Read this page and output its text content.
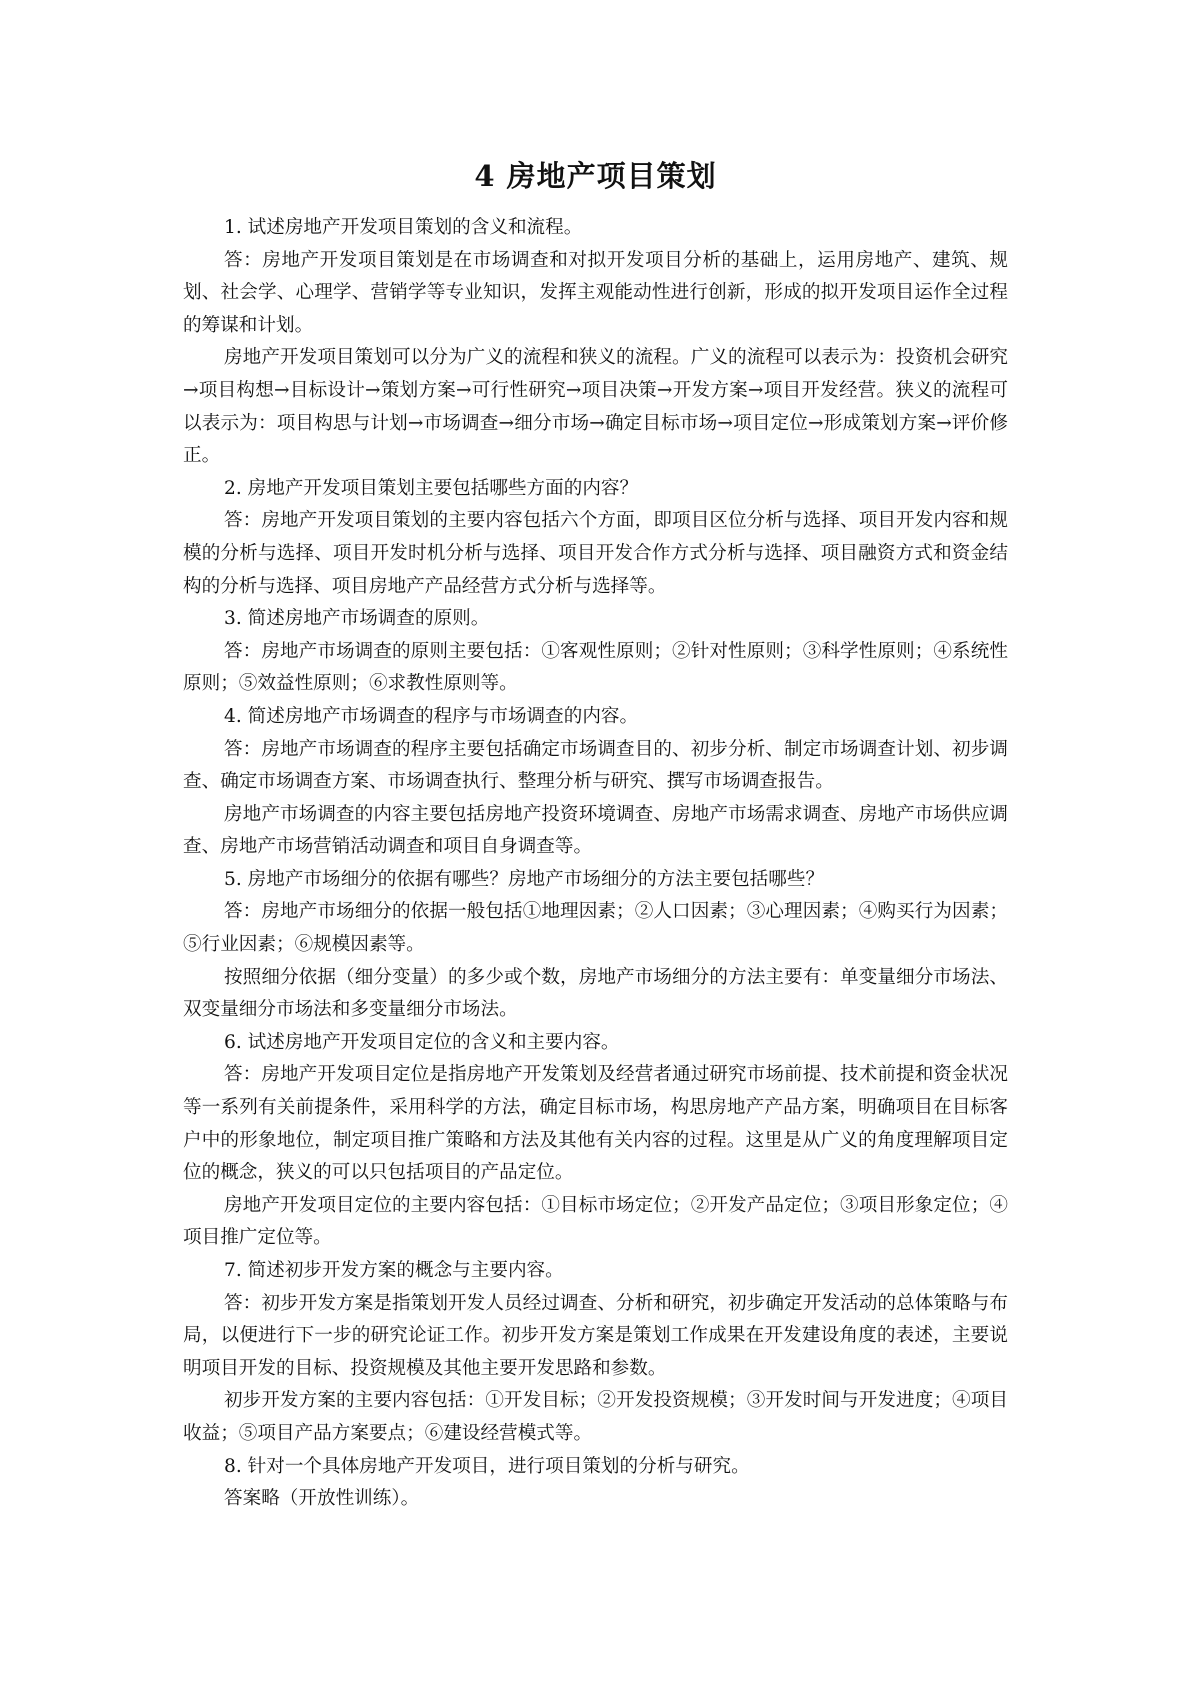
4 房地产项目策划

1. 试述房地产开发项目策划的含义和流程。

答：房地产开发项目策划是在市场调查和对拟开发项目分析的基础上，运用房地产、建筑、规划、社会学、心理学、营销学等专业知识，发挥主观能动性进行创新，形成的拟开发项目运作全过程的筹谋和计划。

房地产开发项目策划可以分为广义的流程和狭义的流程。广义的流程可以表示为：投资机会研究→项目构想→目标设计→策划方案→可行性研究→项目决策→开发方案→项目开发经营。狭义的流程可以表示为：项目构思与计划→市场调查→细分市场→确定目标市场→项目定位→形成策划方案→评价修正。

2. 房地产开发项目策划主要包括哪些方面的内容？

答：房地产开发项目策划的主要内容包括六个方面，即项目区位分析与选择、项目开发内容和规模的分析与选择、项目开发时机分析与选择、项目开发合作方式分析与选择、项目融资方式和资金结构的分析与选择、项目房地产产品经营方式分析与选择等。

3. 简述房地产市场调查的原则。

答：房地产市场调查的原则主要包括：①客观性原则；②针对性原则；③科学性原则；④系统性原则；⑤效益性原则；⑥求教性原则等。

4. 简述房地产市场调查的程序与市场调查的内容。

答：房地产市场调查的程序主要包括确定市场调查目的、初步分析、制定市场调查计划、初步调查、确定市场调查方案、市场调查执行、整理分析与研究、撰写市场调查报告。

房地产市场调查的内容主要包括房地产投资环境调查、房地产市场需求调查、房地产市场供应调查、房地产市场营销活动调查和项目自身调查等。

5. 房地产市场细分的依据有哪些？房地产市场细分的方法主要包括哪些？

答：房地产市场细分的依据一般包括①地理因素；②人口因素；③心理因素；④购买行为因素；⑤行业因素；⑥规模因素等。

按照细分依据（细分变量）的多少或个数，房地产市场细分的方法主要有：单变量细分市场法、双变量细分市场法和多变量细分市场法。

6. 试述房地产开发项目定位的含义和主要内容。

答：房地产开发项目定位是指房地产开发策划及经营者通过研究市场前提、技术前提和资金状况等一系列有关前提条件，采用科学的方法，确定目标市场，构思房地产产品方案，明确项目在目标客户中的形象地位，制定项目推广策略和方法及其他有关内容的过程。这里是从广义的角度理解项目定位的概念，狭义的可以只包括项目的产品定位。

房地产开发项目定位的主要内容包括：①目标市场定位；②开发产品定位；③项目形象定位；④项目推广定位等。

7. 简述初步开发方案的概念与主要内容。

答：初步开发方案是指策划开发人员经过调查、分析和研究，初步确定开发活动的总体策略与布局，以便进行下一步的研究论证工作。初步开发方案是策划工作成果在开发建设角度的表述，主要说明项目开发的目标、投资规模及其他主要开发思路和参数。

初步开发方案的主要内容包括：①开发目标；②开发投资规模；③开发时间与开发进度；④项目收益；⑤项目产品方案要点；⑥建设经营模式等。

8. 针对一个具体房地产开发项目，进行项目策划的分析与研究。

答案略（开放性训练）。
